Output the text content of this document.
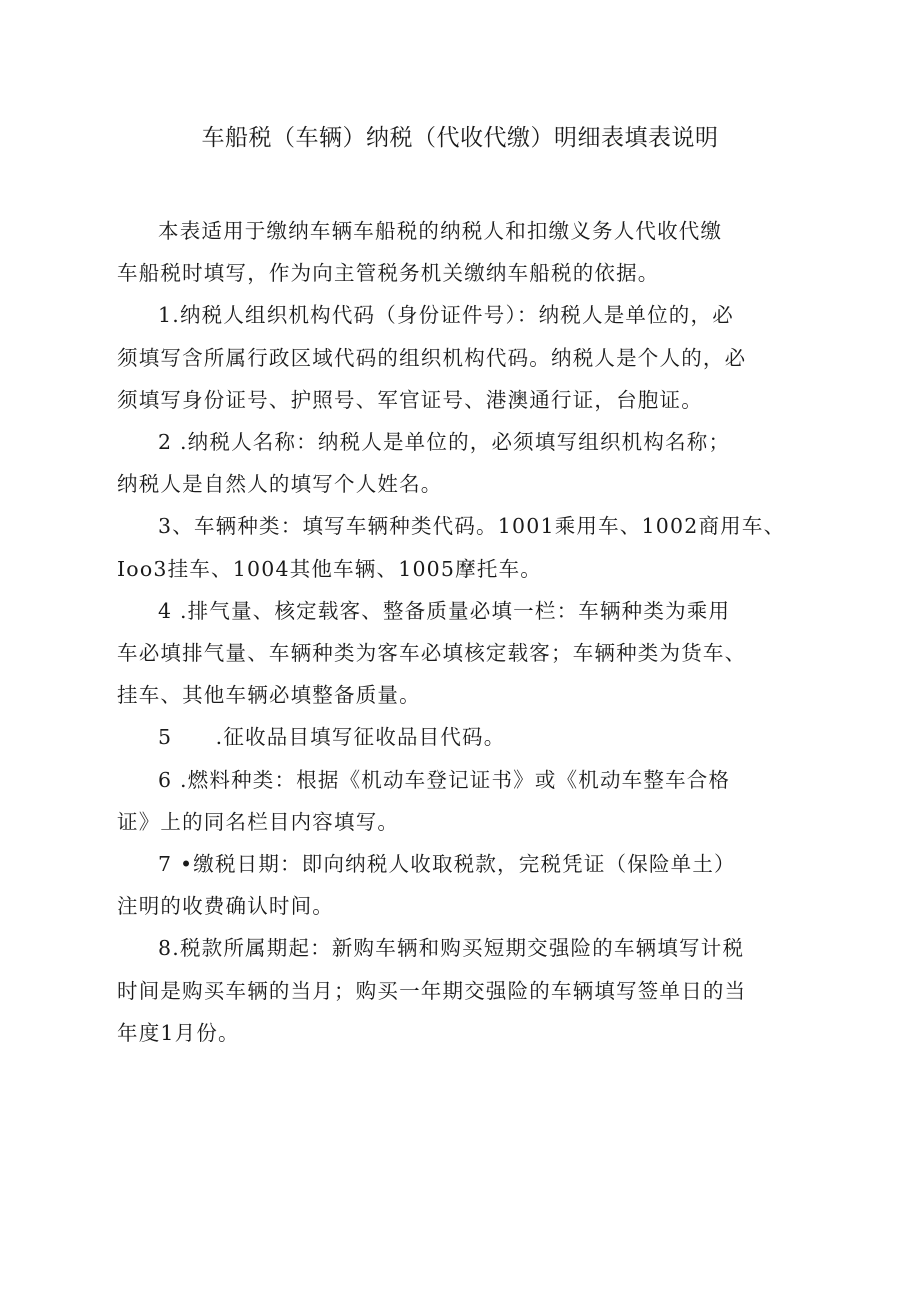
车船税（车辆）纳税（代收代缴）明细表填表说明

本表适用于缴纳车辆车船税的纳税人和扣缴义务人代收代缴
车船税时填写，作为向主管税务机关缴纳车船税的依据。

1.纳税人组织机构代码（身份证件号）：纳税人是单位的，必
须填写含所属行政区域代码的组织机构代码。纳税人是个人的，必
须填写身份证号、护照号、军官证号、港澳通行证，台胞证。

2 .纳税人名称：纳税人是单位的，必须填写组织机构名称；
纳税人是自然人的填写个人姓名。

3、车辆种类：填写车辆种类代码。1001乘用车、1002商用车、
Ioo3挂车、1004其他车辆、1005摩托车。

4 .排气量、核定载客、整备质量必填一栏：车辆种类为乘用
车必填排气量、车辆种类为客车必填核定载客；车辆种类为货车、
挂车、其他车辆必填整备质量。

5　　.征收品目填写征收品目代码。

6 .燃料种类：根据《机动车登记证书》或《机动车整车合格
证》上的同名栏目内容填写。

7 •缴税日期：即向纳税人收取税款，完税凭证（保险单土）
注明的收费确认时间。

8.税款所属期起：新购车辆和购买短期交强险的车辆填写计税
时间是购买车辆的当月；购买一年期交强险的车辆填写签单日的当
年度1月份。
